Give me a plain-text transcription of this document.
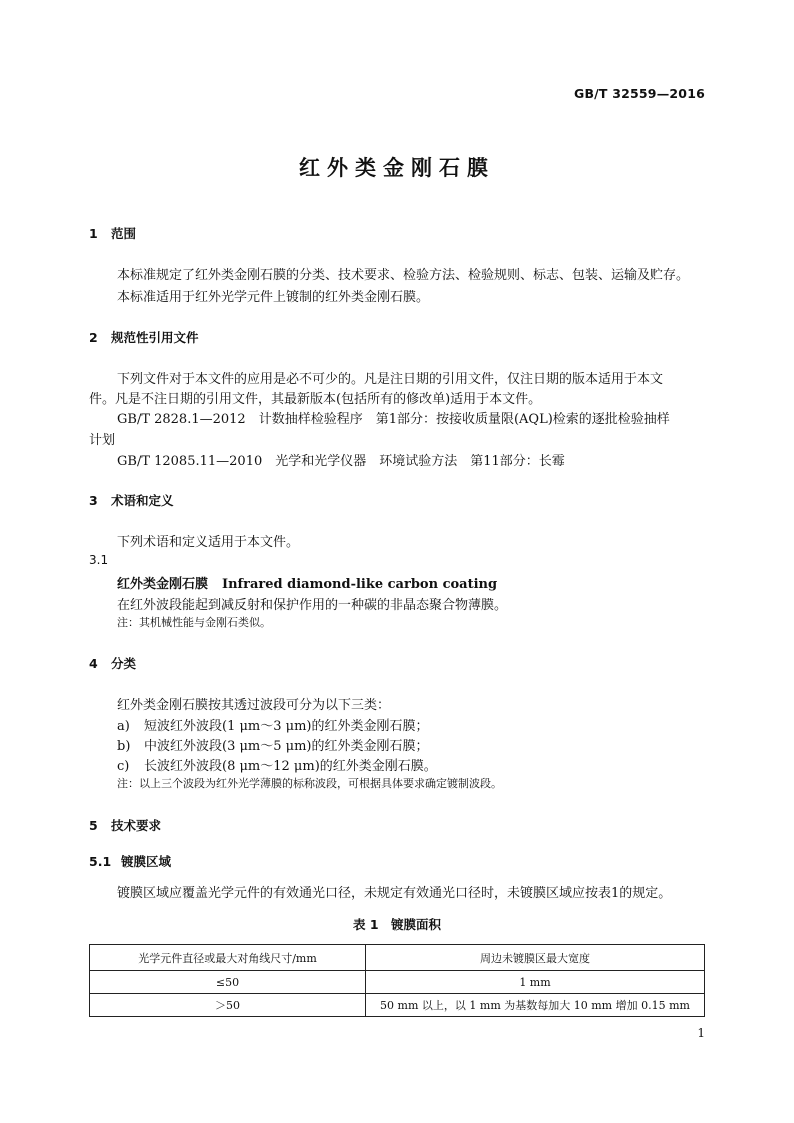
GB/T 32559—2016
红外类金刚石膜
1 范围
本标准规定了红外类金刚石膜的分类、技术要求、检验方法、检验规则、标志、包装、运输及贮存。
本标准适用于红外光学元件上镀制的红外类金刚石膜。
2 规范性引用文件
下列文件对于本文件的应用是必不可少的。凡是注日期的引用文件，仅注日期的版本适用于本文
件。凡是不注日期的引用文件，其最新版本(包括所有的修改单)适用于本文件。
GB/T 2828.1—2012　计数抽样检验程序　第1部分：按接收质量限(AQL)检索的逐批检验抽样
计划
GB/T 12085.11—2010　光学和光学仪器　环境试验方法　第11部分：长霉
3 术语和定义
下列术语和定义适用于本文件。
3.1
红外类金刚石膜 Infrared diamond-like carbon coating
在红外波段能起到减反射和保护作用的一种碳的非晶态聚合物薄膜。
注：其机械性能与金刚石类似。
4 分类
红外类金刚石膜按其透过波段可分为以下三类：
a) 短波红外波段(1 μm～3 μm)的红外类金刚石膜；
b) 中波红外波段(3 μm～5 μm)的红外类金刚石膜；
c) 长波红外波段(8 μm～12 μm)的红外类金刚石膜。
注：以上三个波段为红外光学薄膜的标称波段，可根据具体要求确定镀制波段。
5 技术要求
5.1 镀膜区域
镀膜区域应覆盖光学元件的有效通光口径，未规定有效通光口径时，未镀膜区域应按表1的规定。
表 1　镀膜面积
光学元件直径或最大对角线尺寸/mm	周边未镀膜区最大宽度
≤50	1 mm
＞50	50 mm 以上，以 1 mm 为基数每加大 10 mm 增加 0.15 mm
1
